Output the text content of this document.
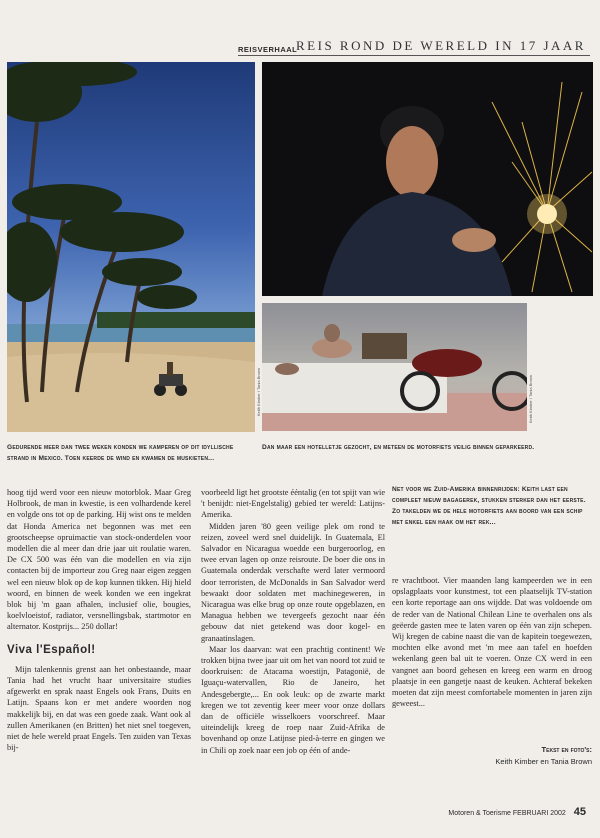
REISVERHAAL
REIS ROND DE WERELD IN 17 JAAR
Keith Kimber / Tania Brown	Keith Kimber / Tania Brown
Gedurende meer dan twee weken konden we kamperen op dit idyllische strand in Mexico. Toen keerde de wind en kwamen de muskieten...
Dan maar een hotelletje gezocht, en meteen de motorfiets veilig binnen geparkeerd.

hoog tijd werd voor een nieuw motorblok. Maar Greg Holbrook, de man in kwestie, is een volhardende kerel en volgde ons tot op de parking. Hij wist ons te melden dat Honda America net begonnen was met een grootscheepse opruimactie van stock-onderdelen voor modellen die al meer dan drie jaar uit roulatie waren. De CX 500 was één van die modellen en via zijn contacten bij de importeur zou Greg naar eigen zeggen wel een nieuw blok op de kop kunnen tikken. Hij hield woord, en binnen de week konden we een ingekrat blok bij 'm gaan afhalen, inclusief olie, bougies, koelvloeistof, radiator, versnellingsbak, startmotor en alternator. Kostprijs... 250 dollar!

Viva l'Español!

Mijn talenkennis grenst aan het onbestaande, maar Tania had het vrucht haar universitaire studies afgewerkt en sprak naast Engels ook Frans, Duits en Latijn. Spaans kon er met andere woorden nog makkelijk bij, en dat was een goede zaak. Want ook al zullen Amerikanen (en Britten) het niet snel toegeven, niet de hele wereld praat Engels. Ten zuiden van Texas bij-

voorbeeld ligt het grootste ééntalig (en tot spijt van wie 't benijdt: niet-Engelstalig) gebied ter wereld: Latijns-Amerika.

Midden jaren '80 geen veilige plek om rond te reizen, zoveel werd snel duidelijk. In Guatemala, El Salvador en Nicaragua woedde een burgeroorlog, en twee ervan lagen op onze reisroute. De boer die ons in Guatemala onderdak verschafte werd later vermoord door terroristen, de McDonalds in San Salvador werd bewaakt door soldaten met machinegeweren, in Nicaragua was elke brug op onze route opgeblazen, en Managua hebben we tevergeefs gezocht naar één gebouw dat niet getekend was door kogel- en granaatinslagen.

Maar los daarvan: wat een prachtig continent! We trokken bijna twee jaar uit om het van noord tot zuid te doorkruisen: de Atacama woestijn, Patagonië, de Iguaçu-watervallen, Rio de Janeiro, het Andesgebergte,... En ook leuk: op de zwarte markt kregen we tot zeventig keer meer voor onze dollars dan de officiële wisselkoers voorschreef. Maar uiteindelijk kreeg de roep naar Zuid-Afrika de bovenhand op onze Latijnse pied-à-terre en gingen we in Chili op zoek naar een job op één of ande-

Net voor we Zuid-Amerika binnenrijden: Keith last een compleet nieuw bagagerek, stukken sterker dan het eerste. Zo takelden we de hele motorfiets aan boord van een schip met enkel een haak om het rek...

re vrachtboot. Vier maanden lang kampeerden we in een opslagplaats voor kunstmest, tot een plaatselijk TV-station een korte reportage aan ons wijdde. Dat was voldoende om de reder van de National Chilean Line te overhalen ons als geëerde gasten mee te laten varen op één van zijn schepen. Wij kregen de cabine naast die van de kapitein toegewezen, mochten elke avond met 'm mee aan tafel en hoefden wekenlang geen bal uit te voeren. Onze CX werd in een vangnet aan boord gehesen en kreeg een warm en droog plaatsje in een gangetje naast de keuken. Achteraf bekeken moeten dat zijn meest comfortabele momenten in jaren zijn geweest...

Tekst en foto's:
Keith Kimber en Tania Brown
Motoren & Toerisme FEBRUARI 2002 45
